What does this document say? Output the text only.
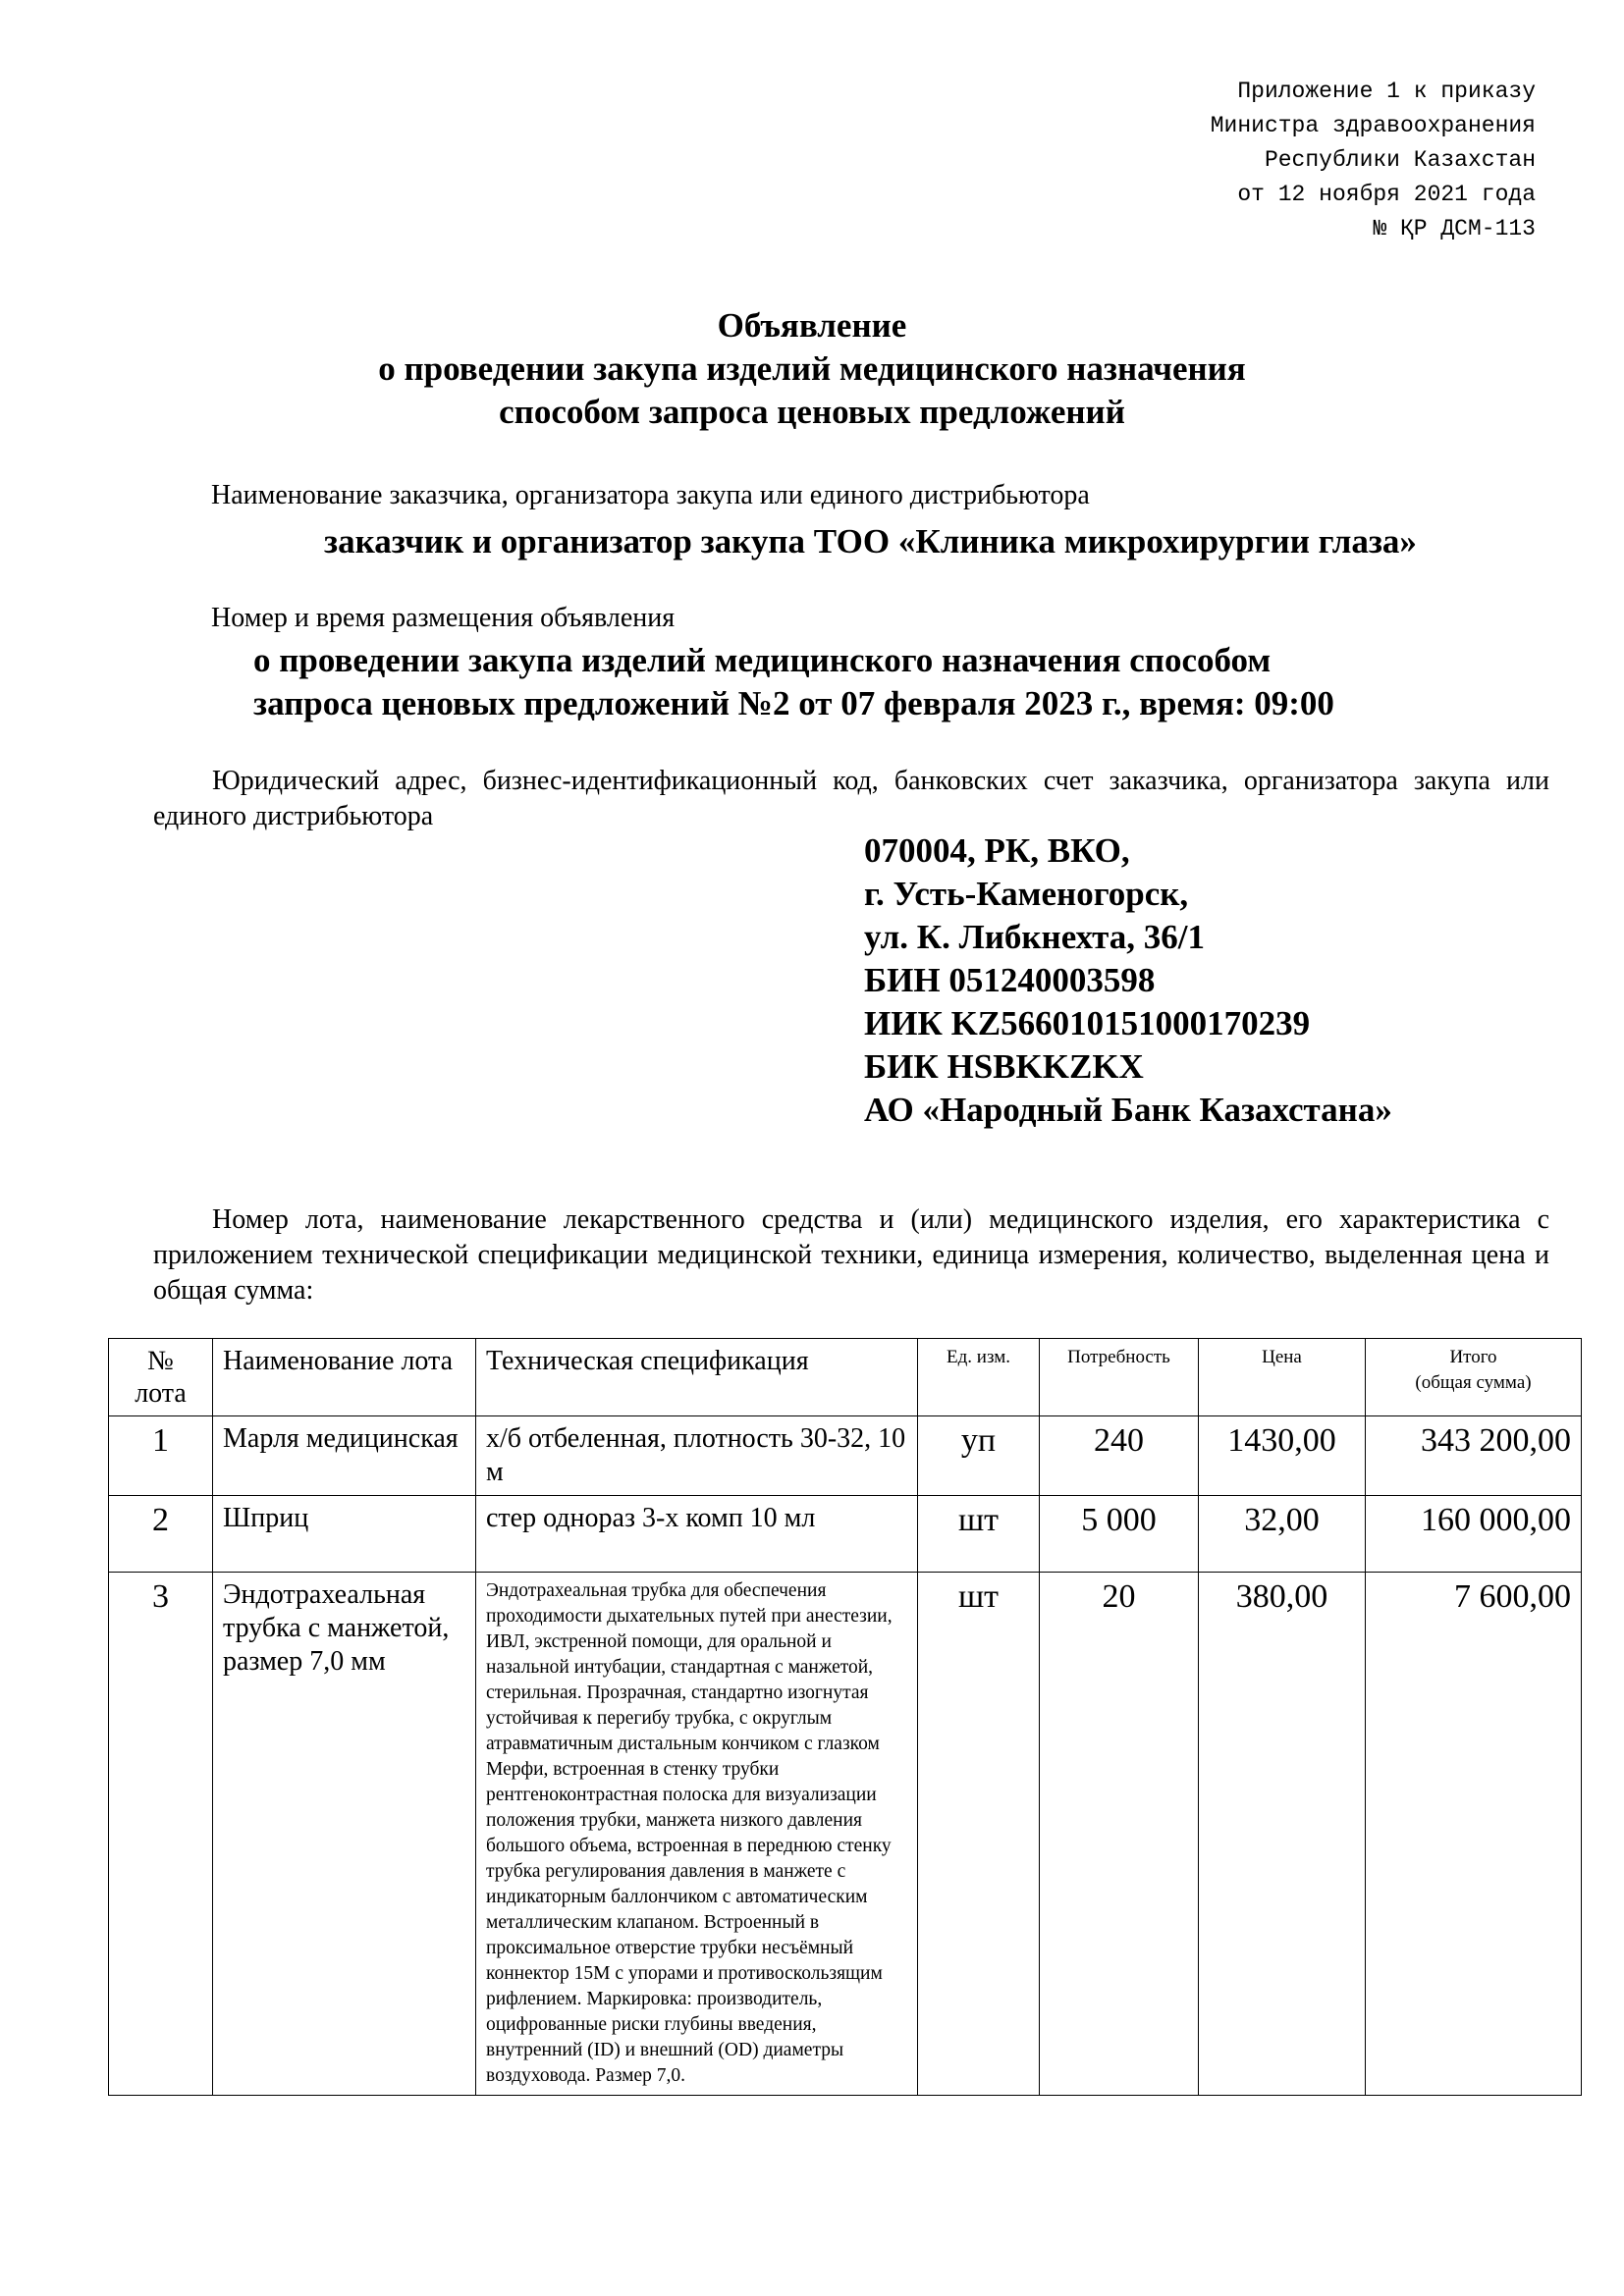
Приложение 1 к приказу
Министра здравоохранения
Республики Казахстан
от 12 ноября 2021 года
№ ҚР ДСМ-113
Объявление
о проведении закупа изделий медицинского назначения
способом запроса ценовых предложений
Наименование заказчика, организатора закупа или единого дистрибьютора
заказчик и организатор закупа ТОО «Клиника микрохирургии глаза»
Номер и время размещения объявления
о проведении закупа изделий медицинского назначения способом
запроса ценовых предложений №2 от 07 февраля 2023 г., время: 09:00
Юридический адрес, бизнес-идентификационный код, банковских счет заказчика, организатора закупа или единого дистрибьютора
070004, РК, ВКО,
г. Усть-Каменогорск,
ул. К. Либкнехта, 36/1
БИН 051240003598
ИИК KZ566010151000170239
БИК HSBKKZKX
АО «Народный Банк Казахстана»
Номер лота, наименование лекарственного средства и (или) медицинского изделия, его характеристика с приложением технической спецификации медицинской техники, единица измерения, количество, выделенная цена и общая сумма:
№ лота	Наименование лота	Техническая спецификация	Ед. изм.	Потребность	Цена	Итого
(общая сумма)

1	Марля медицинская	х/б отбеленная, плотность 30-32, 10 м	уп	240	1430,00	343 200,00
2	Шприц	стер однораз 3-х комп 10 мл	шт	5 000	32,00	160 000,00
3	Эндотрахеальная трубка с манжетой, размер 7,0 мм	Эндотрахеальная трубка для обеспечения проходимости дыхательных путей при анестезии, ИВЛ, экстренной помощи, для оральной и назальной интубации, стандартная с манжетой, стерильная. Прозрачная, стандартно изогнутая устойчивая к перегибу трубка, с округлым атравматичным дистальным кончиком с глазком Мерфи, встроенная в стенку трубки рентгеноконтрастная полоска для визуализации положения трубки, манжета низкого давления большого объема, встроенная в переднюю стенку трубка регулирования давления в манжете с индикаторным баллончиком с автоматическим металлическим клапаном. Встроенный в проксимальное отверстие трубки несъёмный коннектор 15М с упорами и противоскользящим рифлением. Маркировка: производитель, оцифрованные риски глубины введения, внутренний (ID) и внешний (OD) диаметры воздуховода. Размер 7,0.	шт	20	380,00	7 600,00
